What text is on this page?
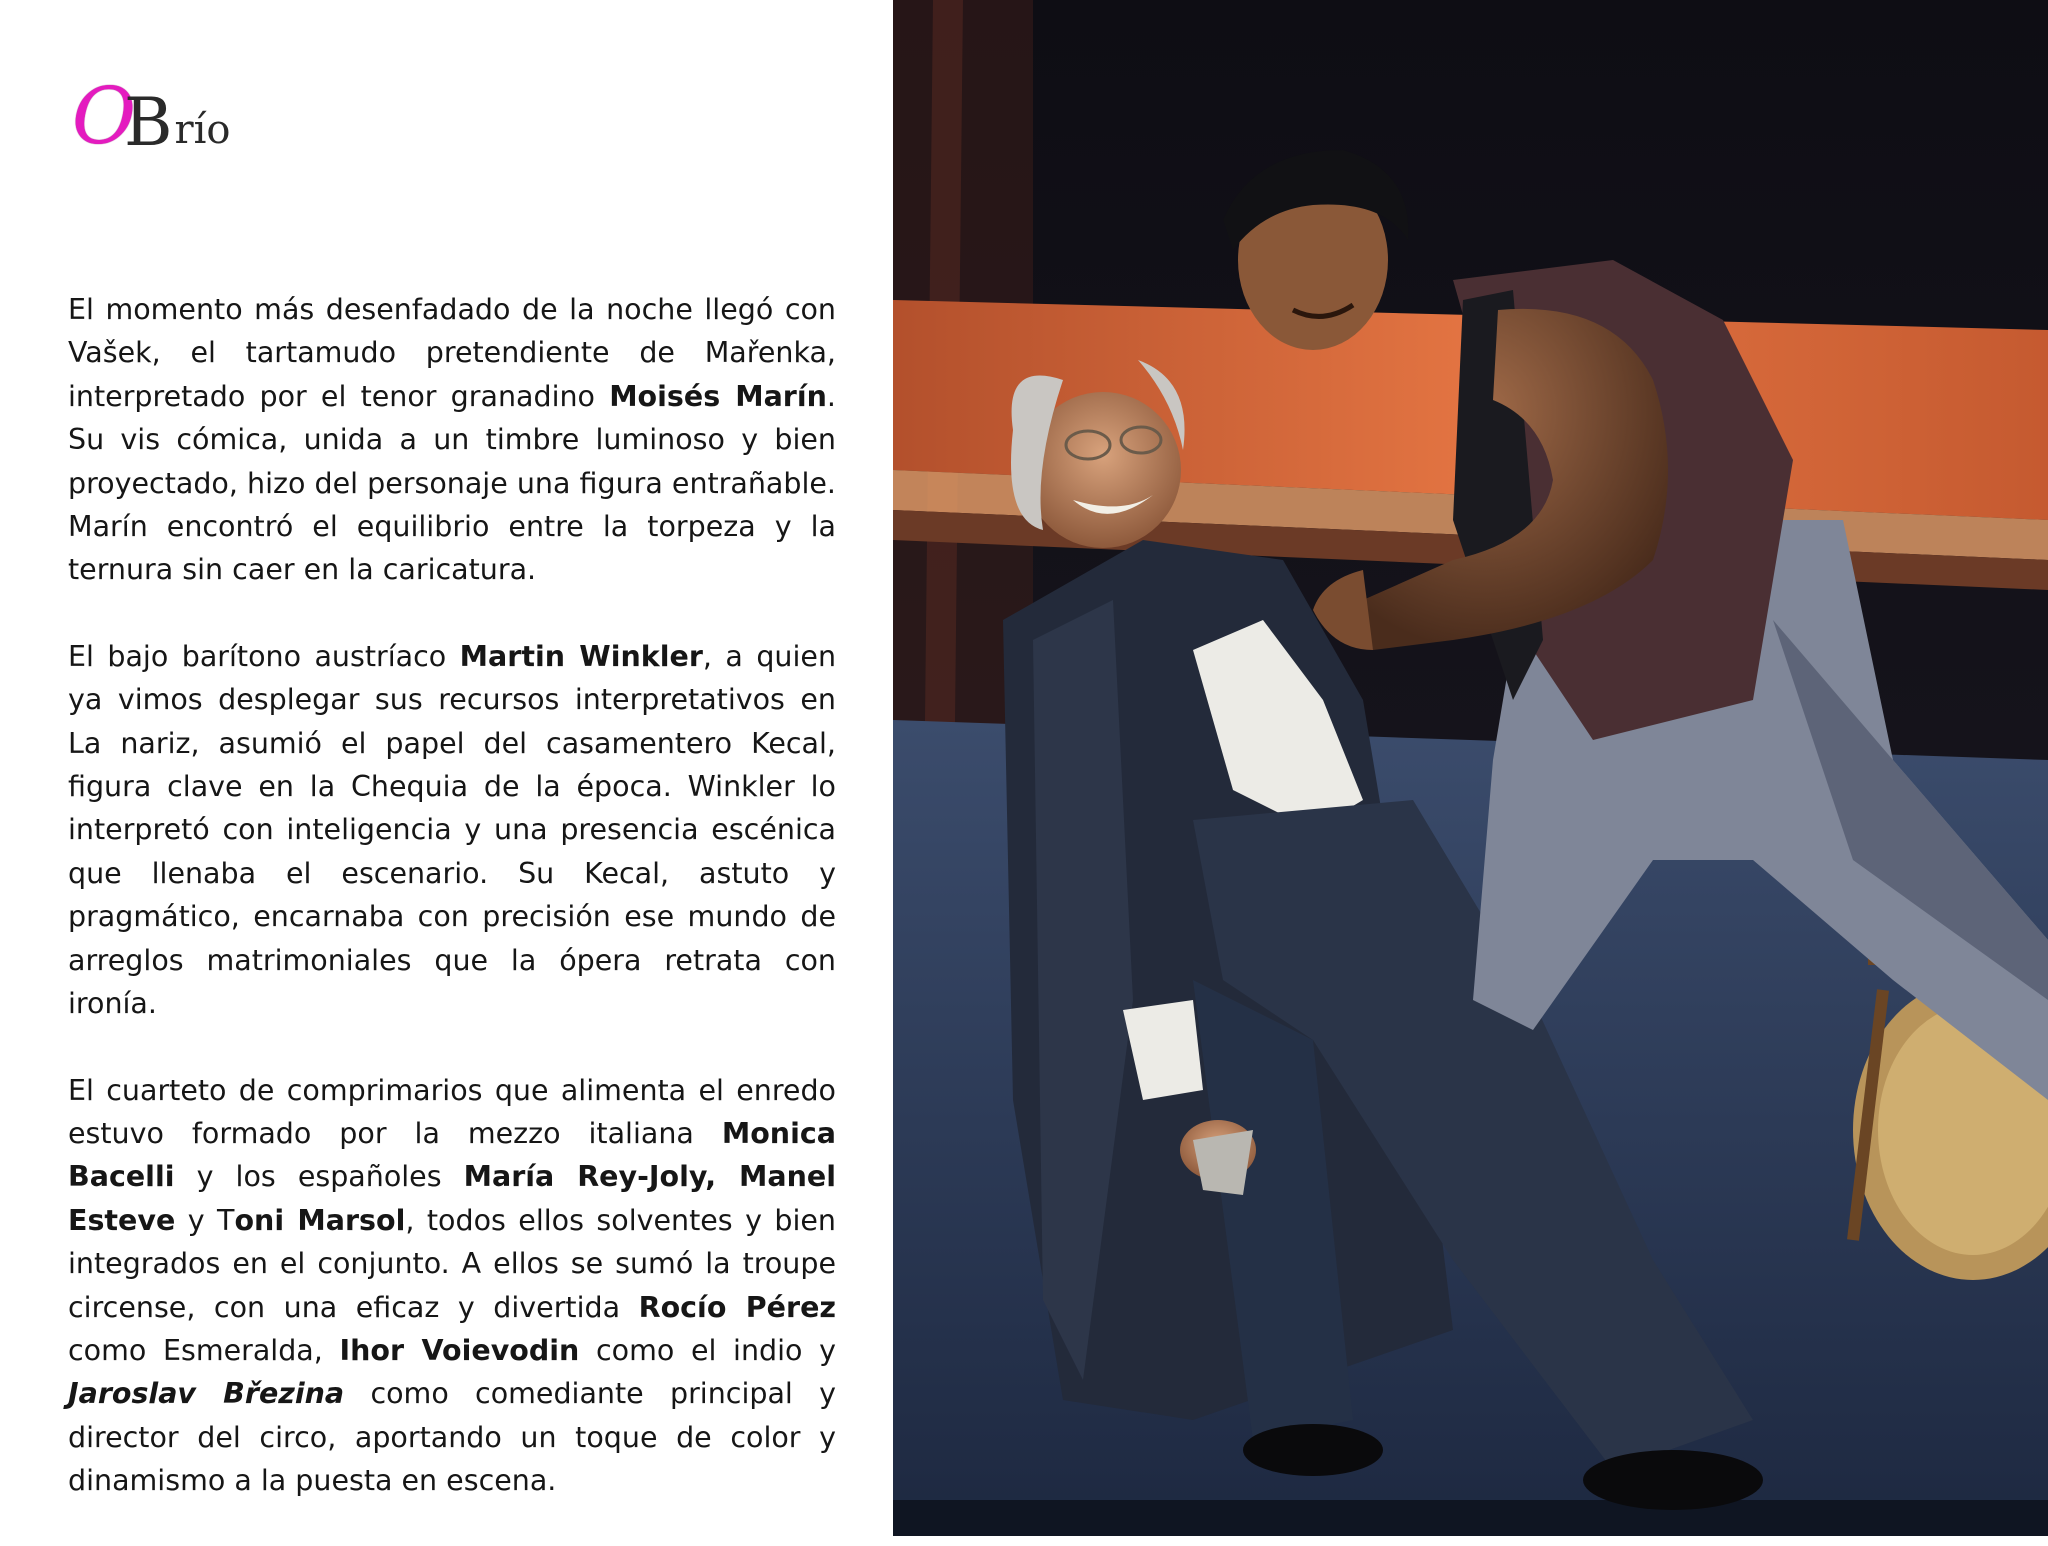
O
B río

El momento más desenfadado de la noche llegó con Vašek, el tartamudo pretendiente de Mařenka, interpretado por el tenor granadino Moisés Marín. Su vis cómica, unida a un timbre luminoso y bien proyectado, hizo del personaje una figura entrañable. Marín encontró el equilibrio entre la torpeza y la ternura sin caer en la caricatura.

El bajo barítono austríaco Martin Winkler, a quien ya vimos desplegar sus recursos interpretativos en La nariz, asumió el papel del casamentero Kecal, figura clave en la Chequia de la época. Winkler lo interpretó con inteligencia y una presencia escénica que llenaba el escenario. Su Kecal, astuto y pragmático, encarnaba con precisión ese mundo de arreglos matrimoniales que la ópera retrata con ironía.

El cuarteto de comprimarios que alimenta el enredo estuvo formado por la mezzo italiana Monica Bacelli y los españoles María Rey-Joly, Manel Esteve y Toni Marsol, todos ellos solventes y bien integrados en el conjunto. A ellos se sumó la troupe circense, con una eficaz y divertida Rocío Pérez como Esmeralda, Ihor Voievodin como el indio y Jaroslav Březina como comediante principal y director del circo, aportando un toque de color y dinamismo a la puesta en escena.
